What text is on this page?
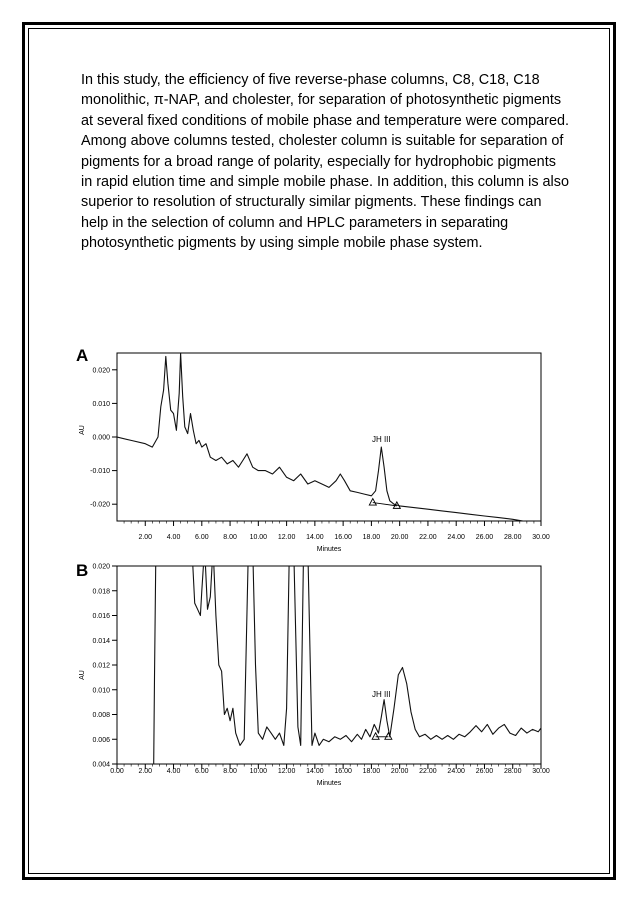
In this study, the efficiency of five reverse-phase columns, C8, C18, C18 monolithic, π-NAP, and cholester, for separation of photosynthetic pigments at several fixed conditions of mobile phase and temperature were compared. Among above columns tested, cholester column is suitable for separation of pigments for a broad range of polarity, especially for hydrophobic pigments in rapid elution time and simple mobile phase. In addition, this column is also superior to resolution of structurally similar pigments. These findings can help in the selection of column and HPLC parameters in separating photosynthetic pigments by using simple mobile phase system.

A
0.020
0.010
0.000
-0.010
-0.020
2.00 4.00 6.00 8.00 10.00 12.00 14.00 16.00 18.00 20.00 22.00 24.00 26.00 28.00 30.00
AU
Minutes
JH III
B 0.020
0.018
0.016
0.014
0.012
0.010
0.008
0.006
0.004
0.00 2.00 4.00 6.00 8.00 10.00 12.00 14.00 16.00 18.00 20.00 22.00 24.00 26.00 28.00 30.00
AU
Minutes
JH III
